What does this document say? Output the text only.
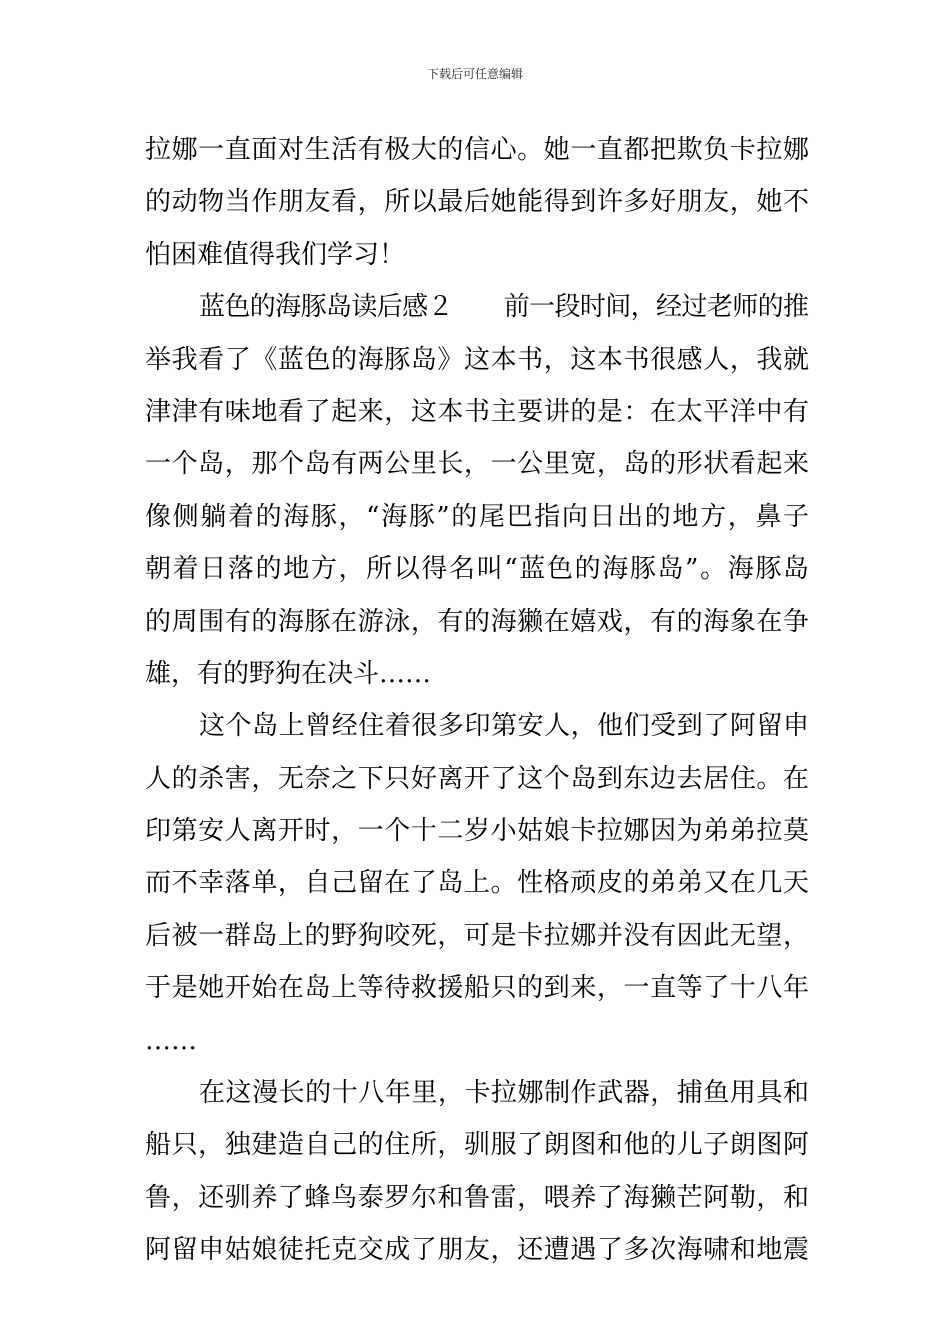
下载后可任意编辑
拉娜一直面对生活有极大的信心。她一直都把欺负卡拉娜
的动物当作朋友看，所以最后她能得到许多好朋友，她不
怕困难值得我们学习！
蓝色的海豚岛读后感２　　前一段时间，经过老师的推
举我看了《蓝色的海豚岛》这本书，这本书很感人，我就
津津有味地看了起来，这本书主要讲的是：在太平洋中有
一个岛，那个岛有两公里长，一公里宽，岛的形状看起来
像侧躺着的海豚，“海豚”的尾巴指向日出的地方，鼻子
朝着日落的地方，所以得名叫“蓝色的海豚岛”。海豚岛
的周围有的海豚在游泳，有的海獭在嬉戏，有的海象在争
雄，有的野狗在决斗……
这个岛上曾经住着很多印第安人，他们受到了阿留申
人的杀害，无奈之下只好离开了这个岛到东边去居住。在
印第安人离开时，一个十二岁小姑娘卡拉娜因为弟弟拉莫
而不幸落单，自己留在了岛上。性格顽皮的弟弟又在几天
后被一群岛上的野狗咬死，可是卡拉娜并没有因此无望，
于是她开始在岛上等待救援船只的到来，一直等了十八年
……
在这漫长的十八年里，卡拉娜制作武器，捕鱼用具和
船只，独建造自己的住所，驯服了朗图和他的儿子朗图阿
鲁，还驯养了蜂鸟泰罗尔和鲁雷，喂养了海獭芒阿勒，和
阿留申姑娘徒托克交成了朋友，还遭遇了多次海啸和地震
